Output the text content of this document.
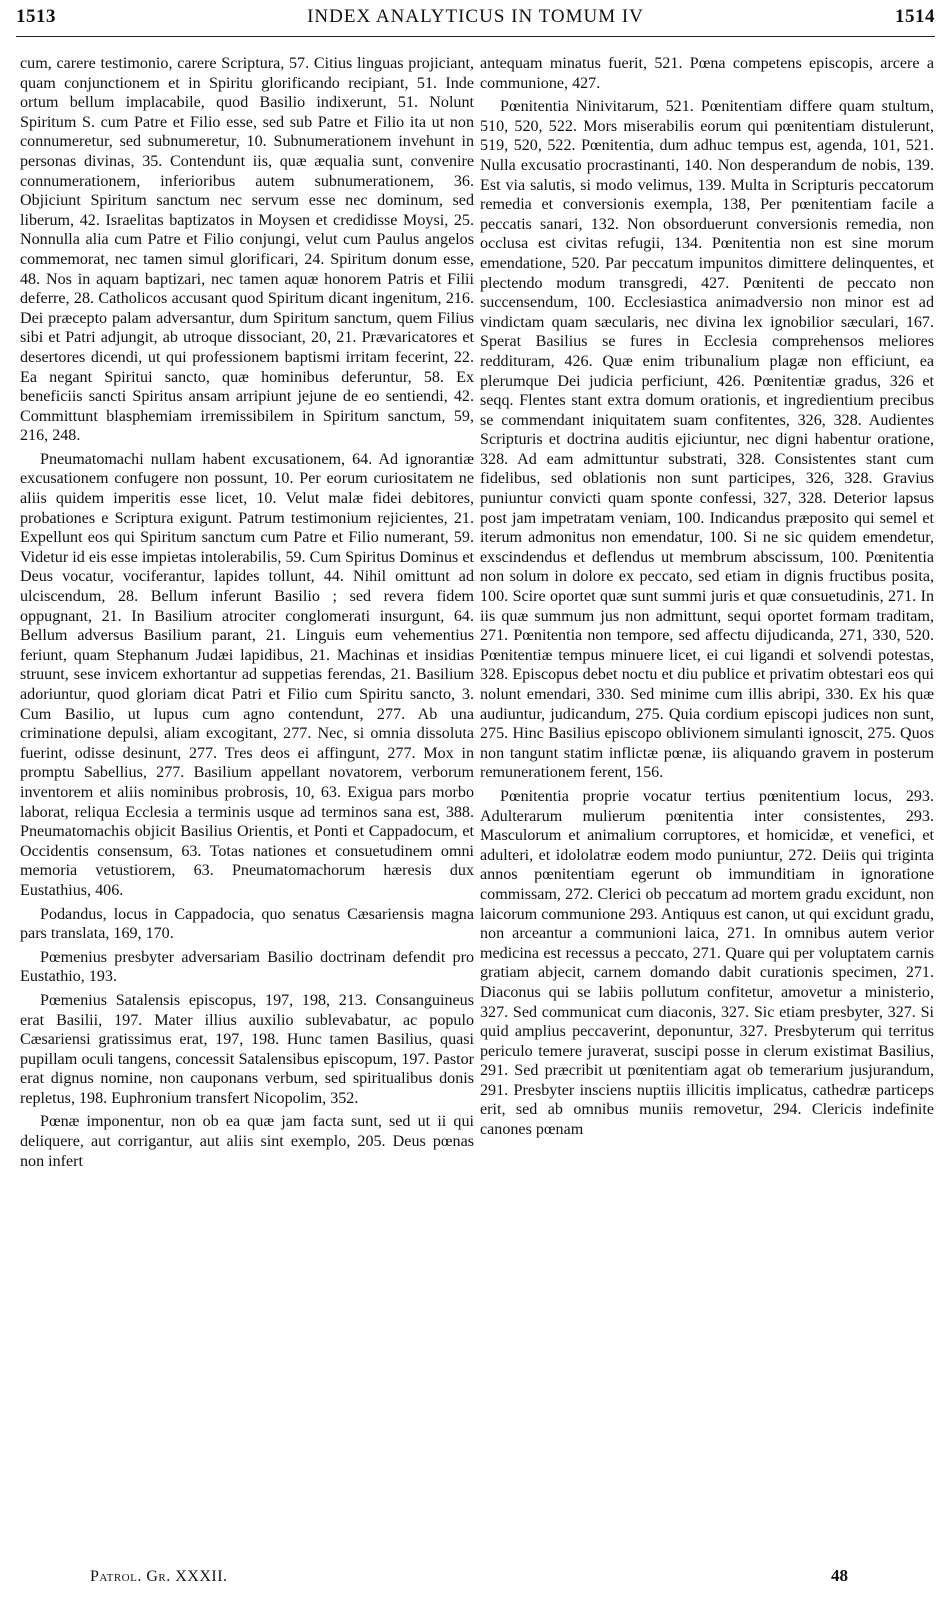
1513	INDEX ANALYTICUS IN TOMUM IV	1514

cum, carere testimonio, carere Scriptura, 57. Citius linguas projiciant, quam conjunctionem et in Spiritu glorificando recipiant, 51. Inde ortum bellum implacabile, quod Basilio indixerunt, 51. Nolunt Spiritum S. cum Patre et Filio esse, sed sub Patre et Filio ita ut non connumeretur, sed subnumeretur, 10. Subnumerationem invehunt in personas divinas, 35. Contendunt iis, quæ æqualia sunt, convenire connumerationem, inferioribus autem subnumerationem, 36. Objiciunt Spiritum sanctum nec servum esse nec dominum, sed liberum, 42. Israelitas baptizatos in Moysen et credidisse Moysi, 25. Nonnulla alia cum Patre et Filio conjungi, velut cum Paulus angelos commemorat, nec tamen simul glorificari, 24. Spiritum donum esse, 48. Nos in aquam baptizari, nec tamen aquæ honorem Patris et Filii deferre, 28. Catholicos accusant quod Spiritum dicant ingenitum, 216. Dei præcepto palam adversantur, dum Spiritum sanctum, quem Filius sibi et Patri adjungit, ab utroque dissociant, 20, 21. Prævaricatores et desertores dicendi, ut qui professionem baptismi irritam fecerint, 22. Ea negant Spiritui sancto, quæ hominibus deferuntur, 58. Ex beneficiis sancti Spiritus ansam arripiunt jejune de eo sentiendi, 42. Committunt blasphemiam irremissibilem in Spiritum sanctum, 59, 216, 248.

Pneumatomachi nullam habent excusationem, 64. Ad ignorantiæ excusationem confugere non possunt, 10. Per eorum curiositatem ne aliis quidem imperitis esse licet, 10. Velut malæ fidei debitores, probationes e Scriptura exigunt. Patrum testimonium rejicientes, 21. Expellunt eos qui Spiritum sanctum cum Patre et Filio numerant, 59. Videtur id eis esse impietas intolerabilis, 59. Cum Spiritus Dominus et Deus vocatur, vociferantur, lapides tollunt, 44. Nihil omittunt ad ulciscendum, 28. Bellum inferunt Basilio ; sed revera fidem oppugnant, 21. In Basilium atrociter conglomerati insurgunt, 64. Bellum adversus Basilium parant, 21. Linguis eum vehementius feriunt, quam Stephanum Judæi lapidibus, 21. Machinas et insidias struunt, sese invicem exhortantur ad suppetias ferendas, 21. Basilium adoriuntur, quod gloriam dicat Patri et Filio cum Spiritu sancto, 3. Cum Basilio, ut lupus cum agno contendunt, 277. Ab una criminatione depulsi, aliam excogitant, 277. Nec, si omnia dissoluta fuerint, odisse desinunt, 277. Tres deos ei affingunt, 277. Mox in promptu Sabellius, 277. Basilium appellant novatorem, verborum inventorem et aliis nominibus probrosis, 10, 63. Exigua pars morbo laborat, reliqua Ecclesia a terminis usque ad terminos sana est, 388. Pneumatomachis objicit Basilius Orientis, et Ponti et Cappadocum, et Occidentis consensum, 63. Totas nationes et consuetudinem omni memoria vetustiorem, 63. Pneumatomachorum hæresis dux Eustathius, 406.

Podandus, locus in Cappadocia, quo senatus Cæsariensis magna pars translata, 169, 170.

Pœmenius presbyter adversariam Basilio doctrinam defendit pro Eustathio, 193.

Pœmenius Satalensis episcopus, 197, 198, 213. Consanguineus erat Basilii, 197. Mater illius auxilio sublevabatur, ac populo Cæsariensi gratissimus erat, 197, 198. Hunc tamen Basilius, quasi pupillam oculi tangens, concessit Satalensibus episcopum, 197. Pastor erat dignus nomine, non cauponans verbum, sed spiritualibus donis repletus, 198. Euphronium transfert Nicopolim, 352.

Pœnæ imponentur, non ob ea quæ jam facta sunt, sed ut ii qui deliquere, aut corrigantur, aut aliis sint exemplo, 205. Deus pœnas non infert

antequam minatus fuerit, 521. Pœna competens episcopis, arcere a communione, 427.

Pœnitentia Ninivitarum, 521. Pœnitentiam differe quam stultum, 510, 520, 522. Mors miserabilis eorum qui pœnitentiam distulerunt, 519, 520, 522. Pœnitentia, dum adhuc tempus est, agenda, 101, 521. Nulla excusatio procrastinanti, 140. Non desperandum de nobis, 139. Est via salutis, si modo velimus, 139. Multa in Scripturis peccatorum remedia et conversionis exempla, 138, Per pœnitentiam facile a peccatis sanari, 132. Non obsorduerunt conversionis remedia, non occlusa est civitas refugii, 134. Pœnitentia non est sine morum emendatione, 520. Par peccatum impunitos dimittere delinquentes, et plectendo modum transgredi, 427. Pœnitenti de peccato non succensendum, 100. Ecclesiastica animadversio non minor est ad vindictam quam sæcularis, nec divina lex ignobilior sæculari, 167. Sperat Basilius se fures in Ecclesia comprehensos meliores reddituram, 426. Quæ enim tribunalium plagæ non efficiunt, ea plerumque Dei judicia perficiunt, 426. Pœnitentiæ gradus, 326 et seqq. Flentes stant extra domum orationis, et ingredientium precibus se commendant iniquitatem suam confitentes, 326, 328. Audientes Scripturis et doctrina auditis ejiciuntur, nec digni habentur oratione, 328. Ad eam admittuntur substrati, 328. Consistentes stant cum fidelibus, sed oblationis non sunt participes, 326, 328. Gravius puniuntur convicti quam sponte confessi, 327, 328. Deterior lapsus post jam impetratam veniam, 100. Indicandus præposito qui semel et iterum admonitus non emendatur, 100. Si ne sic quidem emendetur, exscindendus et deflendus ut membrum abscissum, 100. Pœnitentia non solum in dolore ex peccato, sed etiam in dignis fructibus posita, 100. Scire oportet quæ sunt summi juris et quæ consuetudinis, 271. In iis quæ summum jus non admittunt, sequi oportet formam traditam, 271. Pœnitentia non tempore, sed affectu dijudicanda, 271, 330, 520. Pœnitentiæ tempus minuere licet, ei cui ligandi et solvendi potestas, 328. Episcopus debet noctu et diu publice et privatim obtestari eos qui nolunt emendari, 330. Sed minime cum illis abripi, 330. Ex his quæ audiuntur, judicandum, 275. Quia cordium episcopi judices non sunt, 275. Hinc Basilius episcopo oblivionem simulanti ignoscit, 275. Quos non tangunt statim inflictæ pœnæ, iis aliquando gravem in posterum remunerationem ferent, 156.

Pœnitentia proprie vocatur tertius pœnitentium locus, 293. Adulterarum mulierum pœnitentia inter consistentes, 293. Masculorum et animalium corruptores, et homicidæ, et venefici, et adulteri, et idololatræ eodem modo puniuntur, 272. Deiis qui triginta annos pœnitentiam egerunt ob immunditiam in ignoratione commissam, 272. Clerici ob peccatum ad mortem gradu excidunt, non laicorum communione 293. Antiquus est canon, ut qui excidunt gradu, non arceantur a communioni laica, 271. In omnibus autem verior medicina est recessus a peccato, 271. Quare qui per voluptatem carnis gratiam abjecit, carnem domando dabit curationis specimen, 271. Diaconus qui se labiis pollutum confitetur, amovetur a ministerio, 327. Sed communicat cum diaconis, 327. Sic etiam presbyter, 327. Si quid amplius peccaverint, deponuntur, 327. Presbyterum qui territus periculo temere juraverat, suscipi posse in clerum existimat Basilius, 291. Sed præcribit ut pœnitentiam agat ob temerarium jusjurandum, 291. Presbyter insciens nuptiis illicitis implicatus, cathedræ particeps erit, sed ab omnibus muniis removetur, 294. Clericis indefinite canones pœnam

Patrol. Gr. XXXII.	48
